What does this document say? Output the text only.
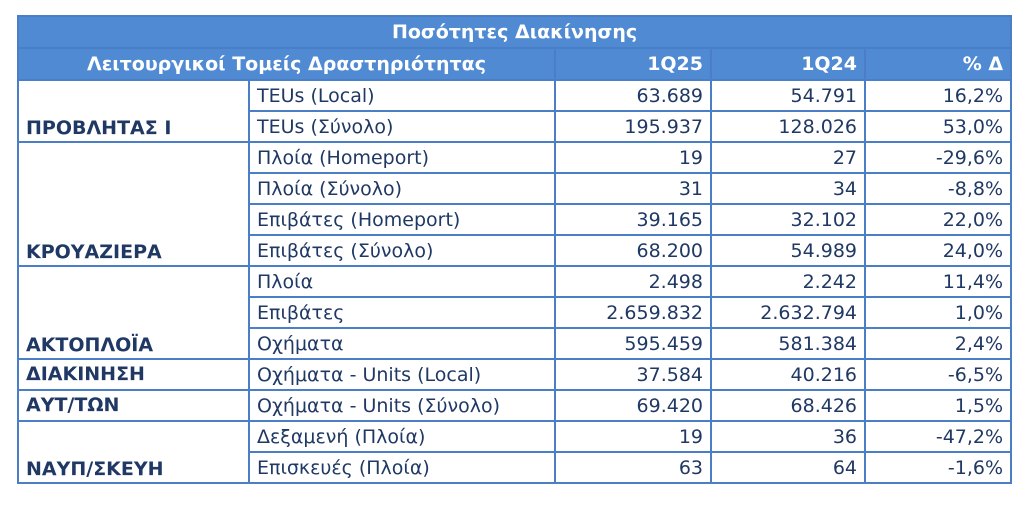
Ποσότητες Διακίνησης				
Λειτουργικοί Τομείς Δραστηριότητας		1Q25	1Q24	% Δ
ΠΡΟΒΛΗΤΑΣ Ι	TEUs (Local)	63.689	54.791	16,2%
	TEUs (Σύνολο)	195.937	128.026	53,0%
ΚΡΟΥΑΖΙΕΡΑ	Πλοία (Homeport)	19	27	-29,6%
	Πλοία (Σύνολο)	31	34	-8,8%
	Επιβάτες (Homeport)	39.165	32.102	22,0%
	Επιβάτες (Σύνολο)	68.200	54.989	24,0%
ΑΚΤΟΠΛΟΪΑ	Πλοία	2.498	2.242	11,4%
	Επιβάτες	2.659.832	2.632.794	1,0%
	Οχήματα	595.459	581.384	2,4%
ΔΙΑΚΙΝΗΣΗ	Οχήματα - Units (Local)	37.584	40.216	-6,5%
ΑΥΤ/ΤΩΝ	Οχήματα - Units (Σύνολο)	69.420	68.426	1,5%
ΝΑΥΠ/ΣΚΕΥΗ	Δεξαμενή (Πλοία)	19	36	-47,2%
	Επισκευές (Πλοία)	63	64	-1,6%
